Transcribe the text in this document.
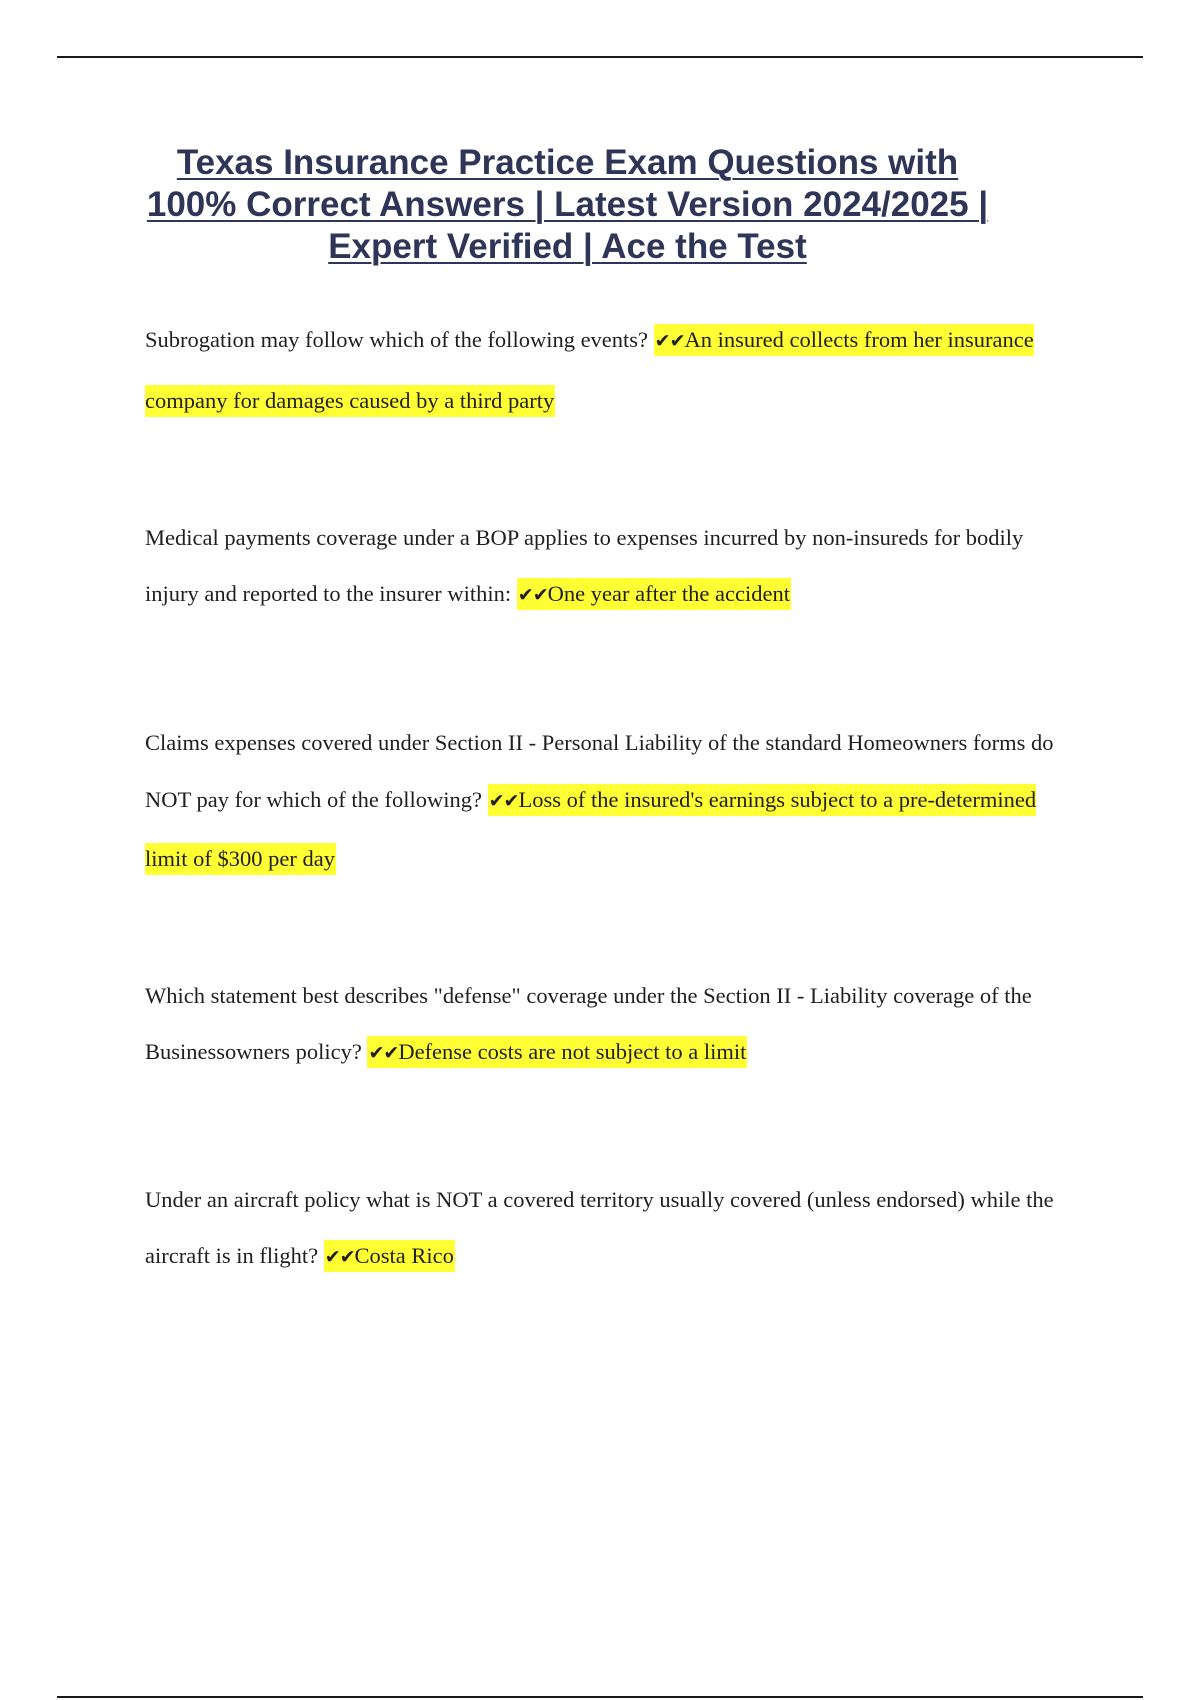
Texas Insurance Practice Exam Questions with 100% Correct Answers | Latest Version 2024/2025 | Expert Verified | Ace the Test
Subrogation may follow which of the following events? ✔✔An insured collects from her insurance company for damages caused by a third party
Medical payments coverage under a BOP applies to expenses incurred by non-insureds for bodily injury and reported to the insurer within: ✔✔One year after the accident
Claims expenses covered under Section II - Personal Liability of the standard Homeowners forms do NOT pay for which of the following? ✔✔Loss of the insured's earnings subject to a pre-determined limit of $300 per day
Which statement best describes "defense" coverage under the Section II - Liability coverage of the Businessowners policy? ✔✔Defense costs are not subject to a limit
Under an aircraft policy what is NOT a covered territory usually covered (unless endorsed) while the aircraft is in flight? ✔✔Costa Rico
